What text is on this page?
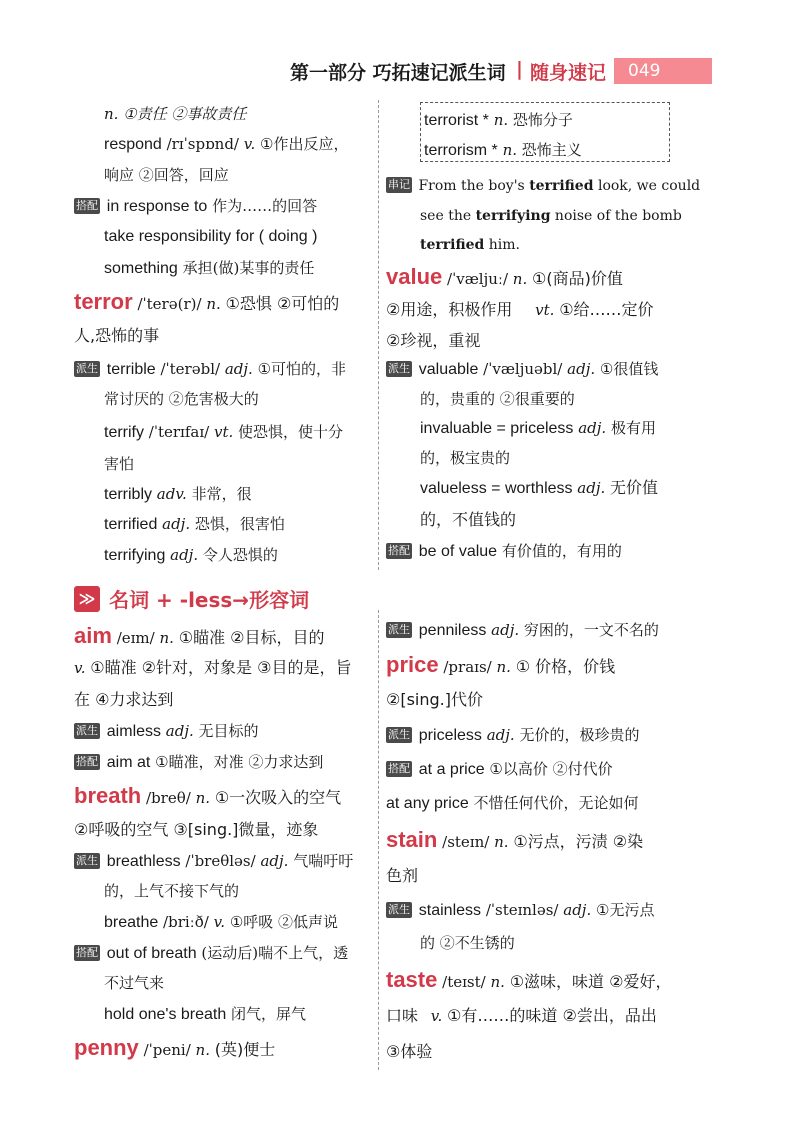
第一部分 巧拓速记派生词 | 随身速记	049
n. ①责任 ②事故责任
respond /rɪˈspɒnd/ v. ①作出反应，
响应 ②回答，回应
搭配 in response to 作为……的回答
take responsibility for ( doing )
something 承担(做)某事的责任
terror /ˈterə(r)/ n. ①恐惧 ②可怕的
人,恐怖的事
派生 terrible /ˈterəbl/ adj. ①可怕的，非
常讨厌的 ②危害极大的
terrify /ˈterɪfaɪ/ vt. 使恐惧，使十分
害怕
terribly adv. 非常，很
terrified adj. 恐惧，很害怕
terrifying adj. 令人恐惧的
terrorist * n. 恐怖分子
terrorism * n. 恐怖主义
串记 From the boy's terrified look, we could
see the terrifying noise of the bomb
terrified him.
value /ˈvæljuː/ n. ①(商品)价值
②用途，积极作用 vt. ①给……定价
②珍视，重视
派生 valuable /ˈvæljuəbl/ adj. ①很值钱
的，贵重的 ②很重要的
invaluable = priceless adj. 极有用
的，极宝贵的
valueless = worthless adj. 无价值
的，不值钱的
搭配 be of value 有价值的，有用的
≫ 名词 + -less→形容词
aim /eɪm/ n. ①瞄准 ②目标，目的
v. ①瞄准 ②针对，对象是 ③目的是，旨
在 ④力求达到
派生 aimless adj. 无目标的
搭配 aim at ①瞄准，对准 ②力求达到
breath /breθ/ n. ①一次吸入的空气
②呼吸的空气 ③[sing.]微量，迹象
派生 breathless /ˈbreθləs/ adj. 气喘吁吁
的，上气不接下气的
breathe /briːð/ v. ①呼吸 ②低声说
搭配 out of breath (运动后)喘不上气，透
不过气来
hold one's breath 闭气，屏气
penny /ˈpeni/ n. (英)便士
派生 penniless adj. 穷困的，一文不名的
price /praɪs/ n. ① 价格，价钱
②[sing.]代价
派生 priceless adj. 无价的，极珍贵的
搭配 at a price ①以高价 ②付代价
at any price 不惜任何代价，无论如何
stain /steɪn/ n. ①污点，污渍 ②染
色剂
派生 stainless /ˈsteɪnləs/ adj. ①无污点
的 ②不生锈的
taste /teɪst/ n. ①滋味，味道 ②爱好，
口味 v. ①有……的味道 ②尝出，品出
③体验
